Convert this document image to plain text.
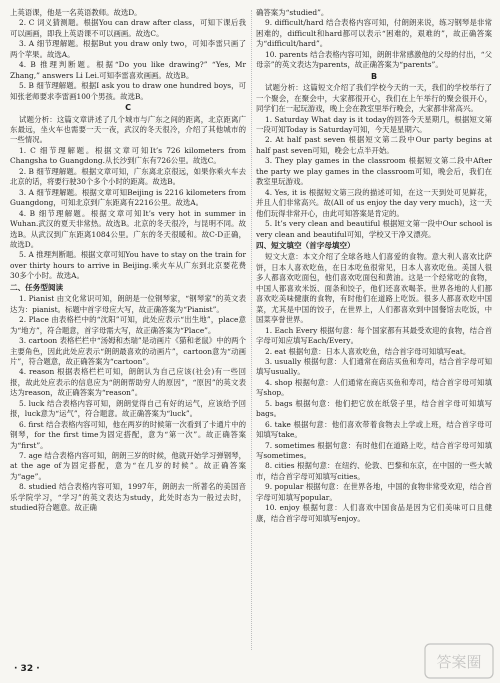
上英语课，他是一名英语教师。故选D。

2. C 词义猜测题。根据You can draw after class，可知下课后我可以画画，即我上英语课不可以画画。故选C。

3. A 细节理解题。根据But you draw only two，可知李雷只画了两个苹果。故选A。

4. B 推理判断题。根据“Do you like drawing?” “Yes, Mr Zhang,” answers Li Lei.可知李雷喜欢画画。故选B。

5. B 细节理解题。根据I ask you to draw one hundred boys，可知张老师要求李雷画100个男孩。故选B。

C

试题分析：这篇文章讲述了几个城市与广东之间的距离，北京距离广东最远，坐火车也需要一天一夜，武汉的冬天很冷，介绍了其他城市的一些情况。

1. C 细节理解题。根据文章可知It’s 726 kilometers from Changsha to Guangdong.从长沙到广东有726公里。故选C。

2. B 细节理解题。根据文章可知，广东离北京很远，如果你乘火车去北京的话，将要行驶30个多个小时的距离。故选B。

3. A 细节理解题。根据文章可知Beijing is 2216 kilometers from Guangdong，可知北京到广东距离有2216公里。故选A。

4. B 细节理解题。根据文章可知It’s very hot in summer in Wuhan.武汉的夏天非常热。故选B。北京的冬天很冷，与昆明不同。故选B。从武汉到广东距离1084公里。广东的冬天很暖和。故C-D正确，故选D。

5. A 推理判断题。根据文章可知You have to stay on the train for over thirty hours to arrive in Beijing.乘火车从广东到北京要花费30多个小时。故选A。

二、任务型阅读

1. Pianist 由文化常识可知，朗朗是一位钢琴家，“钢琴家”的英文表达为：pianist。标题中首字母应大写，故正确答案为“Pianist”。

2. Place 由表格栏中的“沈阳”可知，此处应表示“出生地”，place意为“地方”，符合题意，首字母需大写，故正确答案为“Place”。

3. cartoon 表格栏栏中“汤姆和杰瑞”是动画片《猫和老鼠》中的两个主要角色，因此此处应表示“朗朗最喜欢的动画片”，cartoon意为“动画片”，符合题意，故正确答案为“cartoon”。

4. reason 根据表格栏栏可知，朗朗认为自己应该(社会)有一些回报，故此处应表示的信息应为“朗朗帮助穷人的原因”，“原因”的英文表达为reason，故正确答案为“reason”。

5. luck 结合表格内容可知，朗朗觉得自己有好的运气，应该给予回报，luck意为“运气”，符合题意。故正确答案为“luck”。

6. first 结合表格内容可知，他在两岁的时候第一次看到了卡通片中的钢琴，for the first time为固定搭配，意为“第一次”。故正确答案为“first”。

7. age 结合表格内容可知，朗朗三岁的时候，他就开始学习弹钢琴，at the age of为固定搭配，意为“在几岁的时候”。故正确答案为“age”。

8. studied 结合表格内容可知，1997年，朗朗去一所著名的美国音乐学院学习，“学习”的英文表达为study，此处时态为一般过去时，studied符合题意。故正确

确答案为“studied”。

9. difficult/hard 结合表格内容可知，付朗朗来说，练习钢琴是非常困难的，difficult和hard都可以表示“困难的，艰难的”，故正确答案为“difficult/hard”。

10. parents 结合表格内容可知，朗朗非常感激他的父母的付出，“父母亲”的英文表达为parents，故正确答案为“parents”。

B

试题分析：这篇短文介绍了我们学校今天的一天，我们的学校举行了一个聚会，在聚会中，大家都很开心，我们在上午举行的聚会很开心，同学们在一起玩游戏，晚上会在教室里举行晚会，大家都非常高兴。

1. Saturday What day is it today的回答今天星期几，根据短文第一段可知Today is Saturday可知，今天是星期六。

2. At half past seven 根据短文第二段中Our party begins at half past seven可知，晚会七点半开始。

3. They play games in the classroom 根据短文第二段中After the party we play games in the classroom可知，晚会后，我们在教室里玩游戏。

4. Yes, it is 根据短文第三段的描述可知，在这一天到处可见鲜花，并且人们非常高兴。故(All of us enjoy the day very much)，这一天他们玩得非常开心，由此可知答案是肯定的。

5. It’s very clean and beautiful 根据短文第一段中Our school is very clean and beautiful可知，学校又干净又漂亮。

四、短文填空（首字母填空）

短文大意：本文介绍了全球各地人们喜爱的食物。意大利人喜欢比萨饼，日本人喜欢吃鱼，在日本吃鱼很常见，日本人喜欢吃鱼。美国人很多人都喜欢吃面包，他们喜欢吃面包和黄油。这是一个经常吃的食物，中国人都喜欢米饭、面条和饺子，他们还喜欢喝茶。世界各地的人们都喜欢吃美味健康的食物，有时他们在道路上吃饭。很多人都喜欢吃中国菜，尤其是中国的饺子，在世界上，人们都喜欢到中国餐馆去吃饭，中国菜享誉世界。

1. Each Every 根据句意：每个国家都有其最受欢迎的食物，结合首字母可知应填写Each/Every。

2. eat 根据句意：日本人喜欢吃鱼，结合首字母可知填写eat。

3. usually 根据句意：人们通常在商店买鱼和寿司，结合首字母可知填写usually。

4. shop 根据句意：人们通常在商店买鱼和寿司，结合首字母可知填写shop。

5. bags 根据句意：他们把它放在纸袋子里，结合首字母可知填写bags。

6. take 根据句意：他们喜欢带着食物去上学或上班，结合首字母可知填写take。

7. sometimes 根据句意：有时他们在道路上吃，结合首字母可知填写sometimes。

8. cities 根据句意：在纽约、伦敦、巴黎和东京，在中国的一些大城市，结合首字母可知填写cities。

9. popular 根据句意：在世界各地，中国的食物非常受欢迎，结合首字母可知填写popular。

10. enjoy 根据句意：人们喜欢中国食品是因为它们美味可口且健康，结合首字母可知填写enjoy。

· 32 ·	答案圈
